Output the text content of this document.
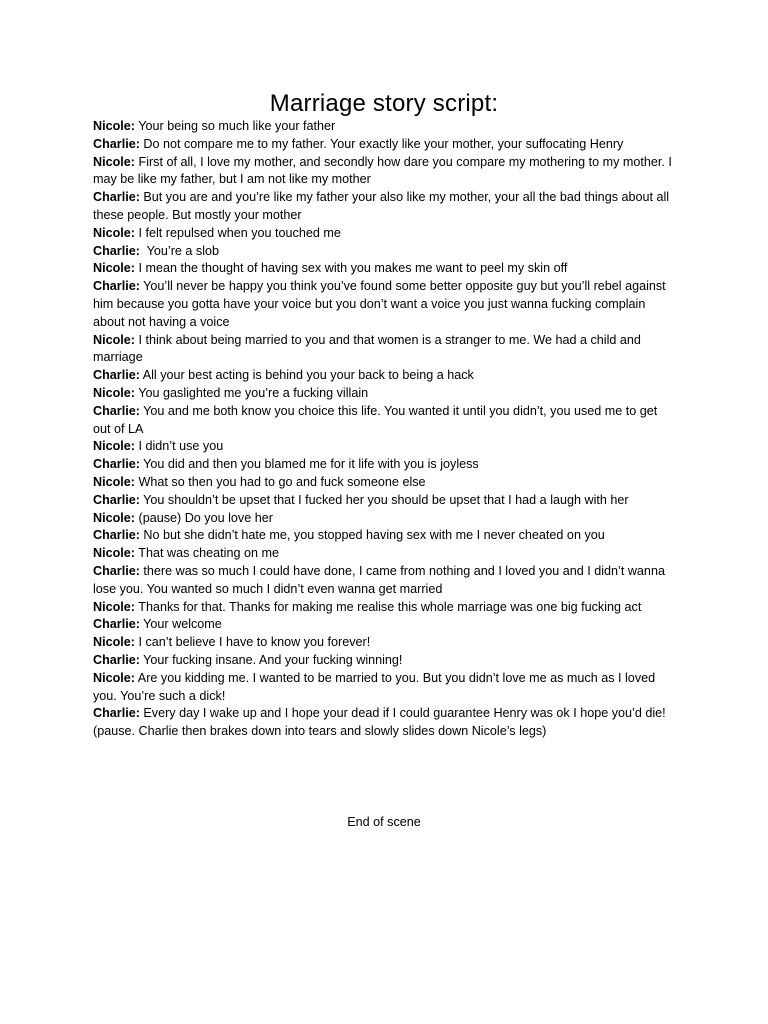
Marriage story script:

Nicole: Your being so much like your father

Charlie: Do not compare me to my father. Your exactly like your mother, your suffocating Henry

Nicole: First of all, I love my mother, and secondly how dare you compare my mothering to my mother. I may be like my father, but I am not like my mother

Charlie: But you are and you’re like my father your also like my mother, your all the bad things about all these people. But mostly your mother

Nicole: I felt repulsed when you touched me

Charlie:  You’re a slob

Nicole: I mean the thought of having sex with you makes me want to peel my skin off

Charlie: You’ll never be happy you think you’ve found some better opposite guy but you’ll rebel against him because you gotta have your voice but you don’t want a voice you just wanna fucking complain about not having a voice

Nicole: I think about being married to you and that women is a stranger to me. We had a child and marriage

Charlie: All your best acting is behind you your back to being a hack

Nicole: You gaslighted me you’re a fucking villain

Charlie: You and me both know you choice this life. You wanted it until you didn’t, you used me to get out of LA

Nicole: I didn’t use you

Charlie: You did and then you blamed me for it life with you is joyless

Nicole: What so then you had to go and fuck someone else

Charlie: You shouldn’t be upset that I fucked her you should be upset that I had a laugh with her

Nicole: (pause) Do you love her

Charlie: No but she didn’t hate me, you stopped having sex with me I never cheated on you

Nicole: That was cheating on me

Charlie: there was so much I could have done, I came from nothing and I loved you and I didn’t wanna lose you. You wanted so much I didn’t even wanna get married

Nicole: Thanks for that. Thanks for making me realise this whole marriage was one big fucking act

Charlie: Your welcome

Nicole: I can’t believe I have to know you forever!

Charlie: Your fucking insane. And your fucking winning!

Nicole: Are you kidding me. I wanted to be married to you. But you didn’t love me as much as I loved you. You’re such a dick!

Charlie: Every day I wake up and I hope your dead if I could guarantee Henry was ok I hope you’d die! (pause. Charlie then brakes down into tears and slowly slides down Nicole’s legs)

End of scene
